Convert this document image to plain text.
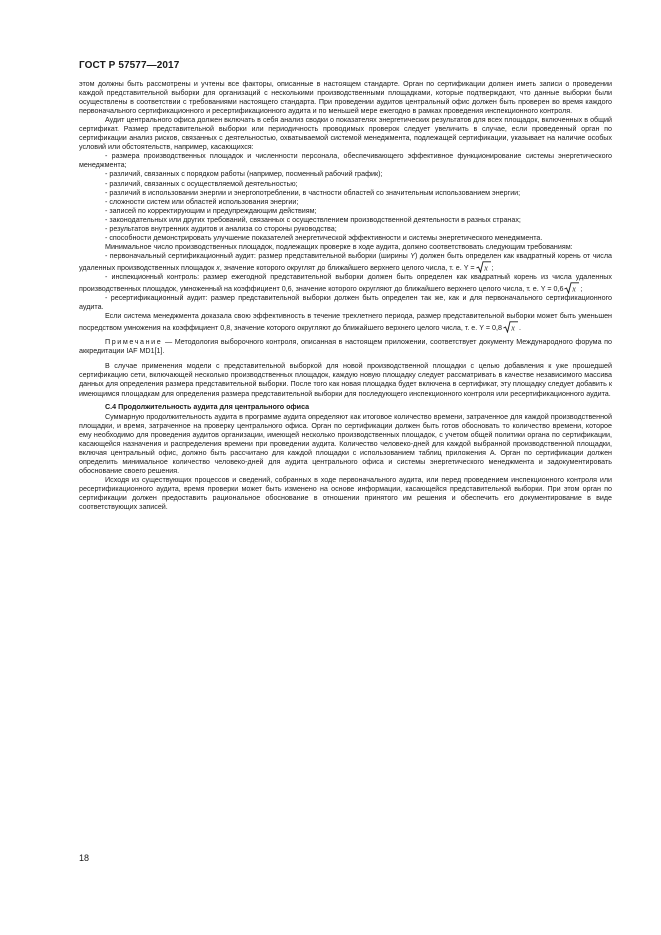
ГОСТ Р 57577—2017

этом должны быть рассмотрены и учтены все факторы, описанные в настоящем стандарте. Орган по сертификации должен иметь записи о проведении каждой представительной выборки для организаций с несколькими производственными площадками, которые подтверждают, что данные выборки были осуществлены в соответствии с требованиями настоящего стандарта. При проведении аудитов центральный офис должен быть проверен во время каждого первоначального сертификационного и ресертификационного аудита и по меньшей мере ежегодно в рамках проведения инспекционного контроля.

Аудит центрального офиса должен включать в себя анализ сводки о показателях энергетических результатов для всех площадок, включенных в общий сертификат. Размер представительной выборки или периодичность проводимых проверок следует увеличить в случае, если проведенный орган по сертификации анализ рисков, связанных с деятельностью, охватываемой системой менеджмента, подлежащей сертификации, указывает на наличие особых условий или обстоятельств, например, касающихся:

- размера производственных площадок и численности персонала, обеспечивающего эффективное функционирование системы энергетического менеджмента;

- различий, связанных с порядком работы (например, посменный рабочий график);

- различий, связанных с осуществляемой деятельностью;

- различий в использовании энергии и энергопотреблении, в частности областей со значительным использованием энергии;

- сложности систем или областей использования энергии;

- записей по корректирующим и предупреждающим действиям;

- законодательных или других требований, связанных с осуществлением производственной деятельности в разных странах;

- результатов внутренних аудитов и анализа со стороны руководства;

- способности демонстрировать улучшение показателей энергетической эффективности и системы энергетического менеджмента.

Минимальное число производственных площадок, подлежащих проверке в ходе аудита, должно соответствовать следующим требованиям:

- первоначальный сертификационный аудит: размер представительной выборки (ширины Y) должен быть определен как квадратный корень от числа удаленных производственных площадок x, значение которого округлят до ближайшего верхнего целого числа, т. е. Y = x ;

- инспекционный контроль: размер ежегодной представительной выборки должен быть определен как квадратный корень из числа удаленных производственных площадок, умноженный на коэффициент 0,6, значение которого округляют до ближайшего верхнего целого числа, т. е. Y = 0,6 x ;

- ресертификационный аудит: размер представительной выборки должен быть определен так же, как и для первоначального сертификационного аудита.

Если система менеджмента доказала свою эффективность в течение трехлетнего периода, размер представительной выборки может быть уменьшен посредством умножения на коэффициент 0,8, значение которого округляют до ближайшего верхнего целого числа, т. е. Y = 0,8 x .

Примечание — Методология выборочного контроля, описанная в настоящем приложении, соответствует документу Международного форума по аккредитации IAF MD1[1].

В случае применения модели с представительной выборкой для новой производственной площадки с целью добавления к уже прошедшей сертификацию сети, включающей несколько производственных площадок, каждую новую площадку следует рассматривать в качестве независимого массива данных для определения размера представительной выборки. После того как новая площадка будет включена в сертификат, эту площадку следует добавить к имеющимся площадкам для определения размера представительной выборки для последующего инспекционного контроля или ресертификационного аудита.

С.4 Продолжительность аудита для центрального офиса

Суммарную продолжительность аудита в программе аудита определяют как итоговое количество времени, затраченное для каждой производственной площадки, и время, затраченное на проверку центрального офиса. Орган по сертификации должен быть готов обосновать то количество времени, которое ему необходимо для проведения аудитов организации, имеющей несколько производственных площадок, с учетом общей политики органа по сертификации, касающейся назначения и распределения времени при проведении аудита. Количество человеко-дней для каждой выбранной производственной площадки, включая центральный офис, должно быть рассчитано для каждой площадки с использованием таблиц приложения А. Орган по сертификации должен определить минимальное количество человеко-дней для аудита центрального офиса и системы энергетического менеджмента и задокументировать обоснование своего решения.

Исходя из существующих процессов и сведений, собранных в ходе первоначального аудита, или перед проведением инспекционного контроля или ресертификационного аудита, время проверки может быть изменено на основе информации, касающейся представительной выборки. При этом орган по сертификации должен предоставить рациональное обоснование в отношении принятого им решения и обеспечить его документирование в виде соответствующих записей.

18
